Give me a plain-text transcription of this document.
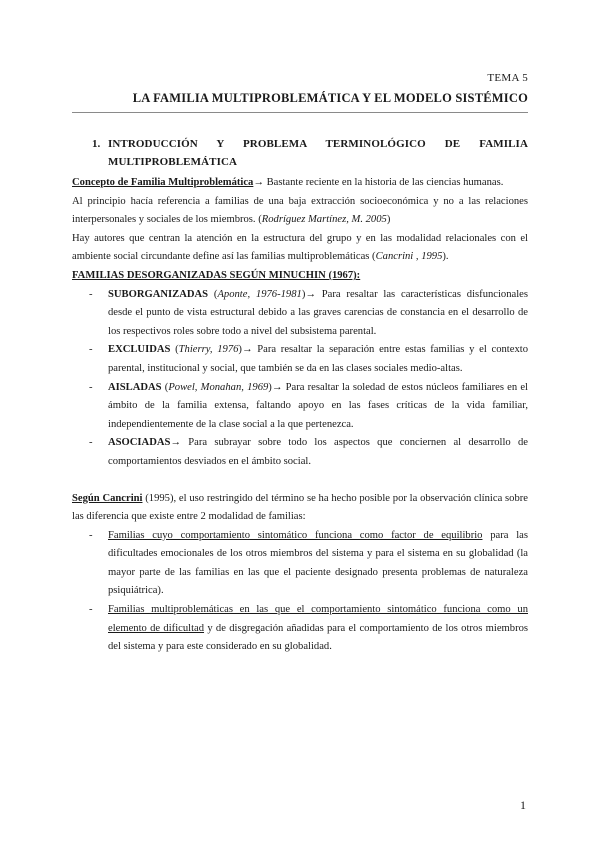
TEMA 5
LA FAMILIA MULTIPROBLEMÁTICA Y EL MODELO SISTÉMICO
1. INTRODUCCIÓN Y PROBLEMA TERMINOLÓGICO DE FAMILIA MULTIPROBLEMÁTICA
Concepto de Familia Multiproblemática→ Bastante reciente en la historia de las ciencias humanas.
Al principio hacía referencia a familias de una baja extracción socioeconómica y no a las relaciones interpersonales y sociales de los miembros. (Rodríguez Martínez, M. 2005)
Hay autores que centran la atención en la estructura del grupo y en las modalidad relacionales con el ambiente social circundante define así las familias multiproblemáticas (Cancrini , 1995).
FAMILIAS DESORGANIZADAS SEGÚN MINUCHIN (1967):
- SUBORGANIZADAS (Aponte, 1976-1981)→ Para resaltar las características disfuncionales desde el punto de vista estructural debido a las graves carencias de constancia en el desarrollo de los respectivos roles sobre todo a nivel del subsistema parental.
- EXCLUIDAS (Thierry, 1976)→ Para resaltar la separación entre estas familias y el contexto parental, institucional y social, que también se da en las clases sociales medio-altas.
- AISLADAS (Powel, Monahan, 1969)→ Para resaltar la soledad de estos núcleos familiares en el ámbito de la familia extensa, faltando apoyo en las fases críticas de la vida familiar, independientemente de la clase social a la que pertenezca.
- ASOCIADAS→ Para subrayar sobre todo los aspectos que conciernen al desarrollo de comportamientos desviados en el ámbito social.
Según Cancrini (1995), el uso restringido del término se ha hecho posible por la observación clínica sobre las diferencia que existe entre 2 modalidad de familias:
- Familias cuyo comportamiento sintomático funciona como factor de equilibrio para las dificultades emocionales de los otros miembros del sistema y para el sistema en su globalidad (la mayor parte de las familias en las que el paciente designado presenta problemas de naturaleza psiquiátrica).
- Familias multiproblemáticas en las que el comportamiento sintomático funciona como un elemento de dificultad y de disgregación añadidas para el comportamiento de los otros miembros del sistema y para este considerado en su globalidad.
1
